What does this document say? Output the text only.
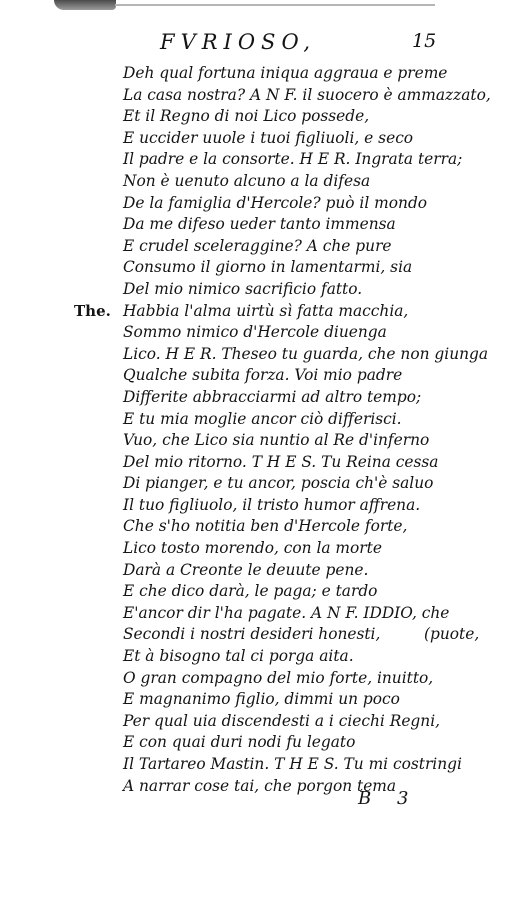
FVRIOSO,	15
Deh qual fortuna iniqua aggraua e preme
La casa nostra? A N F. il suocero è ammazzato,
Et il Regno di noi Lico possede,
E uccider uuole i tuoi figliuoli, e seco
Il padre e la consorte. H E R. Ingrata terra;
Non è uenuto alcuno a la difesa
De la famiglia d'Hercole? può il mondo
Da me difeso ueder tanto immensa
E crudel sceleraggine? A che pure
Consumo il giorno in lamentarmi, sia
Del mio nimico sacrificio fatto.
The. Habbia l'alma uirtù sì fatta macchia,
Sommo nimico d'Hercole diuenga
Lico. H E R. Theseo tu guarda, che non giunga
Qualche subita forza. Voi mio padre
Differite abbracciarmi ad altro tempo;
E tu mia moglie ancor ciò differisci.
Vuo, che Lico sia nuntio al Re d'inferno
Del mio ritorno. T H E S. Tu Reina cessa
Di pianger, e tu ancor, poscia ch'è saluo
Il tuo figliuolo, il tristo humor affrena.
Che s'ho notitia ben d'Hercole forte,
Lico tosto morendo, con la morte
Darà a Creonte le deuute pene.
E che dico darà, le paga; e tardo
E'ancor dir l'ha pagate. A N F. IDDIO, che
Secondi i nostri desideri honesti,	(puote,
Et à bisogno tal ci porga aita.
O gran compagno del mio forte, inuitto,
E magnanimo figlio, dimmi un poco
Per qual uia discendesti a i ciechi Regni,
E con quai duri nodi fu legato
Il Tartareo Mastin. T H E S. Tu mi costringi
A narrar cose tai, che porgon tema
B 3
